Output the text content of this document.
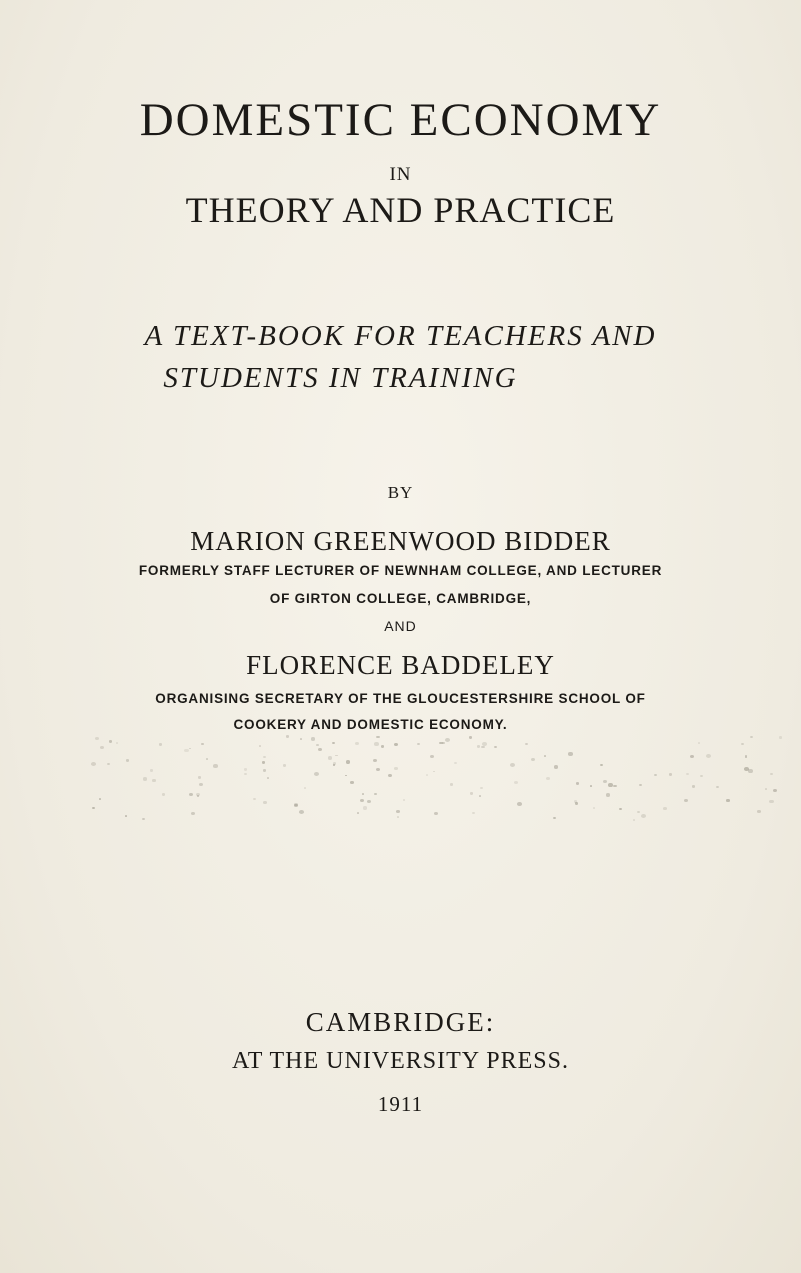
DOMESTIC ECONOMY
IN
THEORY AND PRACTICE
A TEXT-BOOK FOR TEACHERS AND
STUDENTS IN TRAINING
BY
MARION GREENWOOD BIDDER
FORMERLY STAFF LECTURER OF NEWNHAM COLLEGE, AND LECTURER
OF GIRTON COLLEGE, CAMBRIDGE,
AND
FLORENCE BADDELEY
ORGANISING SECRETARY OF THE GLOUCESTERSHIRE SCHOOL OF
COOKERY AND DOMESTIC ECONOMY.
CAMBRIDGE:
AT THE UNIVERSITY PRESS.
1911
